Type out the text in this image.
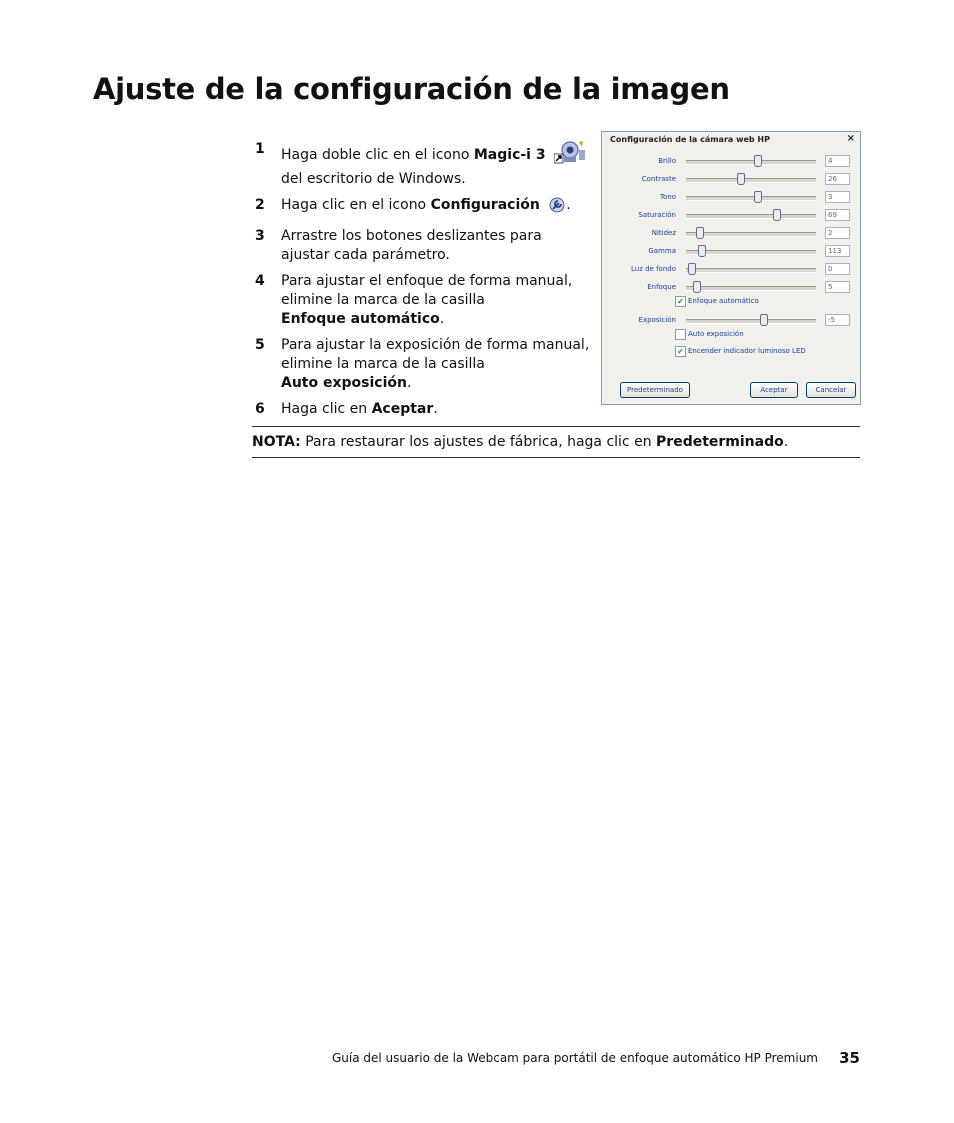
Ajuste de la configuración de la imagen
1 Haga doble clic en el icono Magic-i 3
del escritorio de Windows.
2 Haga clic en el icono Configuración .
3 Arrastre los botones deslizantes para ajustar cada parámetro.
4 Para ajustar el enfoque de forma manual, elimine la marca de la casilla
Enfoque automático.
5 Para ajustar la exposición de forma manual, elimine la marca de la casilla
Auto exposición.
6 Haga clic en Aceptar.
Configuración de la cámara web HP	×
Brillo	4
Contraste	26
Tono	3
Saturación	69
Nitidez	2
Gamma	113
Luz de fondo	0
Enfoque	5
✔ Enfoque automático
Exposición	-5
Auto exposición
✔ Encender indicador luminoso LED
Predeterminado	Aceptar	Cancelar
NOTA: Para restaurar los ajustes de fábrica, haga clic en Predeterminado.
Guía del usuario de la Webcam para portátil de enfoque automático HP Premium 35
